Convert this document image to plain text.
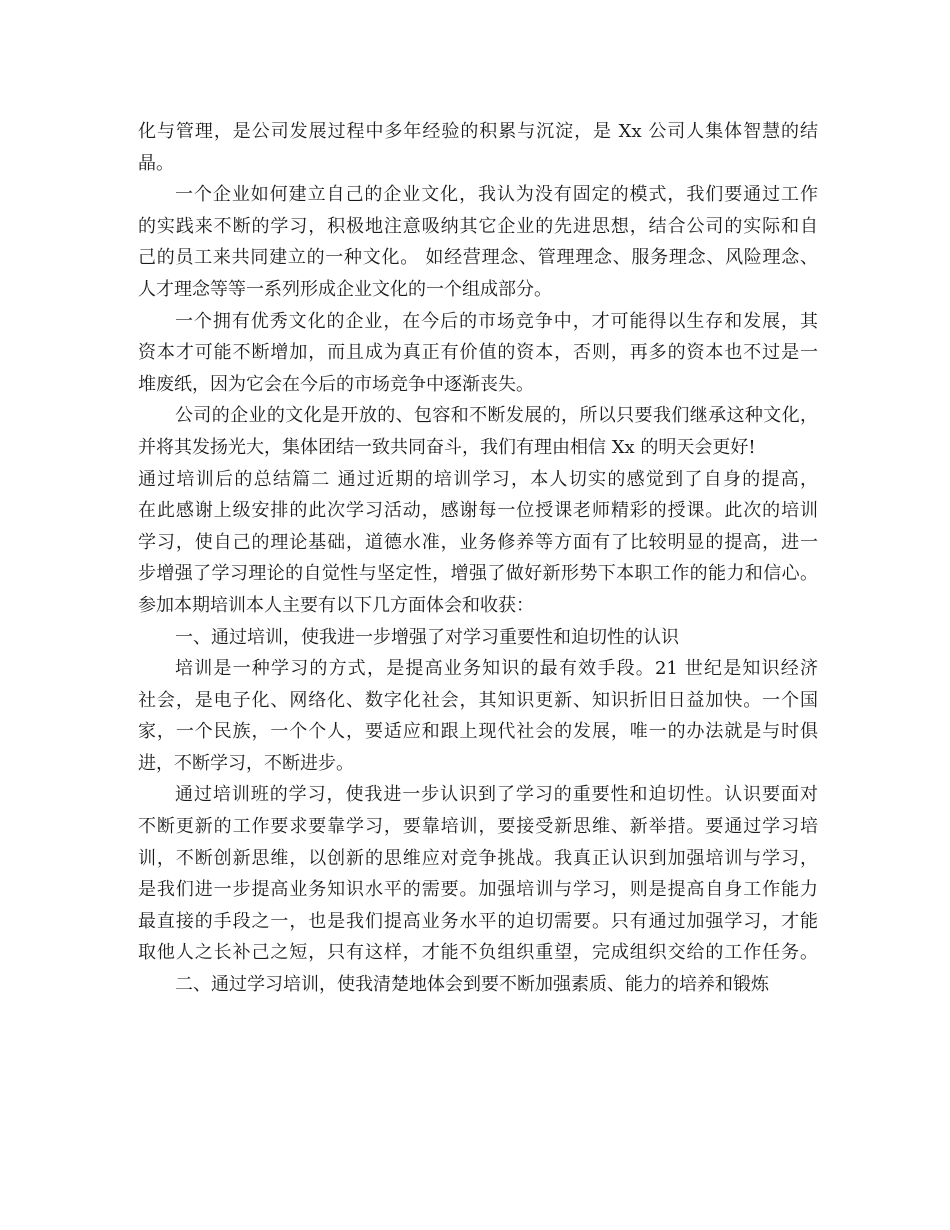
化与管理，是公司发展过程中多年经验的积累与沉淀，是 Xx 公司人集体智慧的结
晶。
一个企业如何建立自己的企业文化，我认为没有固定的模式，我们要通过工作
的实践来不断的学习，积极地注意吸纳其它企业的先进思想，结合公司的实际和自
己的员工来共同建立的一种文化。 如经营理念、管理理念、服务理念、风险理念、
人才理念等等一系列形成企业文化的一个组成部分。
一个拥有优秀文化的企业，在今后的市场竞争中，才可能得以生存和发展，其
资本才可能不断增加，而且成为真正有价值的资本，否则，再多的资本也不过是一
堆废纸，因为它会在今后的市场竞争中逐渐丧失。
公司的企业的文化是开放的、包容和不断发展的，所以只要我们继承这种文化，
并将其发扬光大，集体团结一致共同奋斗，我们有理由相信 Xx 的明天会更好!
通过培训后的总结篇二 通过近期的培训学习，本人切实的感觉到了自身的提高，
在此感谢上级安排的此次学习活动，感谢每一位授课老师精彩的授课。此次的培训
学习，使自己的理论基础，道德水准，业务修养等方面有了比较明显的提高，进一
步增强了学习理论的自觉性与坚定性，增强了做好新形势下本职工作的能力和信心。
参加本期培训本人主要有以下几方面体会和收获：
一、通过培训，使我进一步增强了对学习重要性和迫切性的认识
培训是一种学习的方式，是提高业务知识的最有效手段。21 世纪是知识经济
社会，是电子化、网络化、数字化社会，其知识更新、知识折旧日益加快。一个国
家，一个民族，一个个人，要适应和跟上现代社会的发展，唯一的办法就是与时俱
进，不断学习，不断进步。
通过培训班的学习，使我进一步认识到了学习的重要性和迫切性。认识要面对
不断更新的工作要求要靠学习，要靠培训，要接受新思维、新举措。要通过学习培
训，不断创新思维，以创新的思维应对竞争挑战。我真正认识到加强培训与学习，
是我们进一步提高业务知识水平的需要。加强培训与学习，则是提高自身工作能力
最直接的手段之一，也是我们提高业务水平的迫切需要。只有通过加强学习，才能
取他人之长补己之短，只有这样，才能不负组织重望，完成组织交给的工作任务。
二、通过学习培训，使我清楚地体会到要不断加强素质、能力的培养和锻炼
